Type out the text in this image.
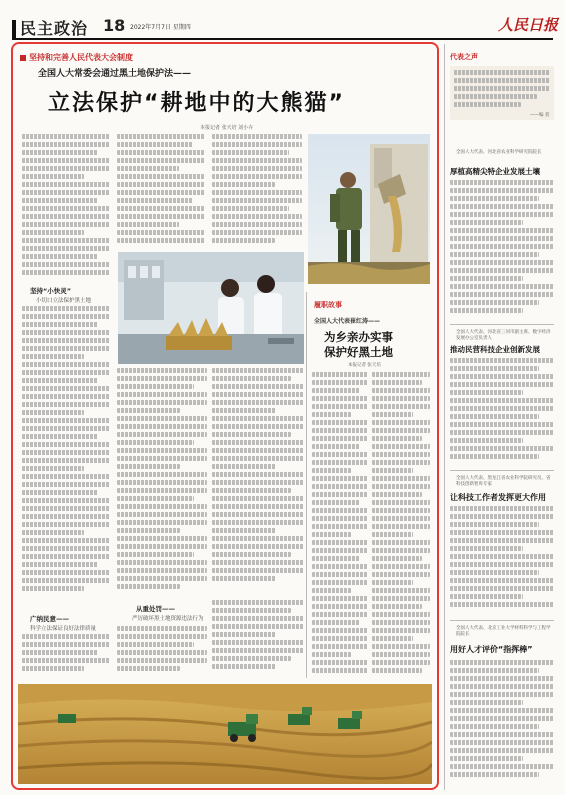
民主政治 18 2022年7月7日 星期四	人民日报
坚持和完善人民代表大会制度
全国人大常委会通过黑土地保护法——
立法保护“耕地中的大熊猫”
本报记者 张天培 刘小卉
坚持“小快灵”
小切口立法保护黑土地
广纳民意——
科学立法保证良好法律质量
从重处罚——
严厉破坏黑土地资源违法行为
履职故事
全国人大代表崔红涛——
为乡亲办实事
保护好黑土地
本报记者 张天培
代表之声
——编 者
全国人大代表、河北省农业科学研究院院长
厚植高精尖特企业发展土壤
全国人大代表、河北省三河市副主席、数字经济发展办公室负责人
推动民营科技企业创新发展
全国人大代表、黑龙江省农业科学院研究员、省科技创新智库专家
让科技工作者发挥更大作用
全国人大代表、北京工业大学材料科学与工程学院院长
用好人才评价“指挥棒”
